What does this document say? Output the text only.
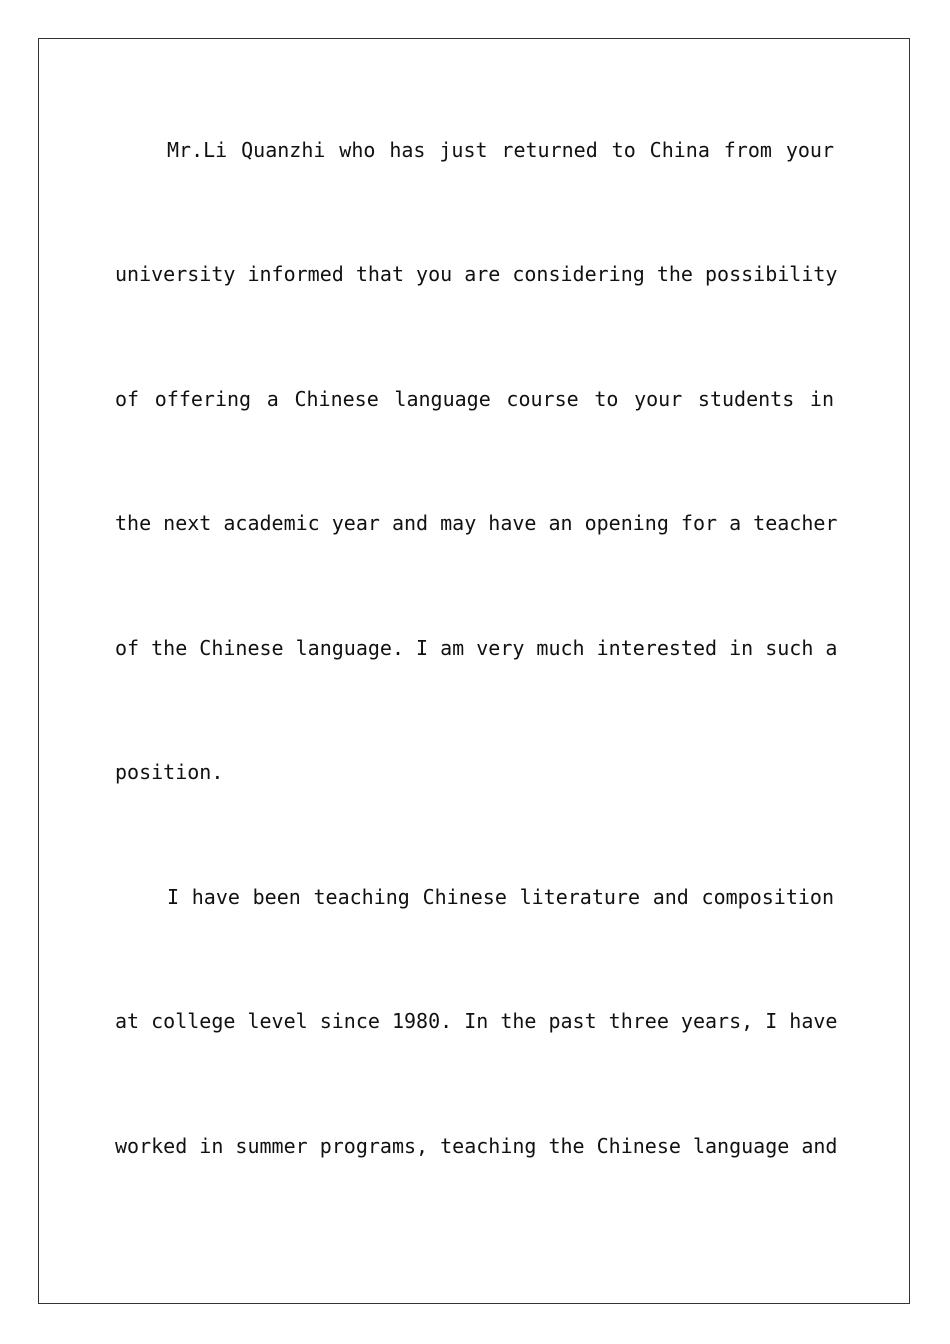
Mr.Li Quanzhi who has just returned to China from your

university informed that you are considering the possibility

of offering a Chinese language course to your students in

the next academic year and may have an opening for a teacher

of the Chinese language. I am very much interested in such a

position.

I have been teaching Chinese literature and composition

at college level since 1980. In the past three years, I have

worked in summer programs, teaching the Chinese language and
